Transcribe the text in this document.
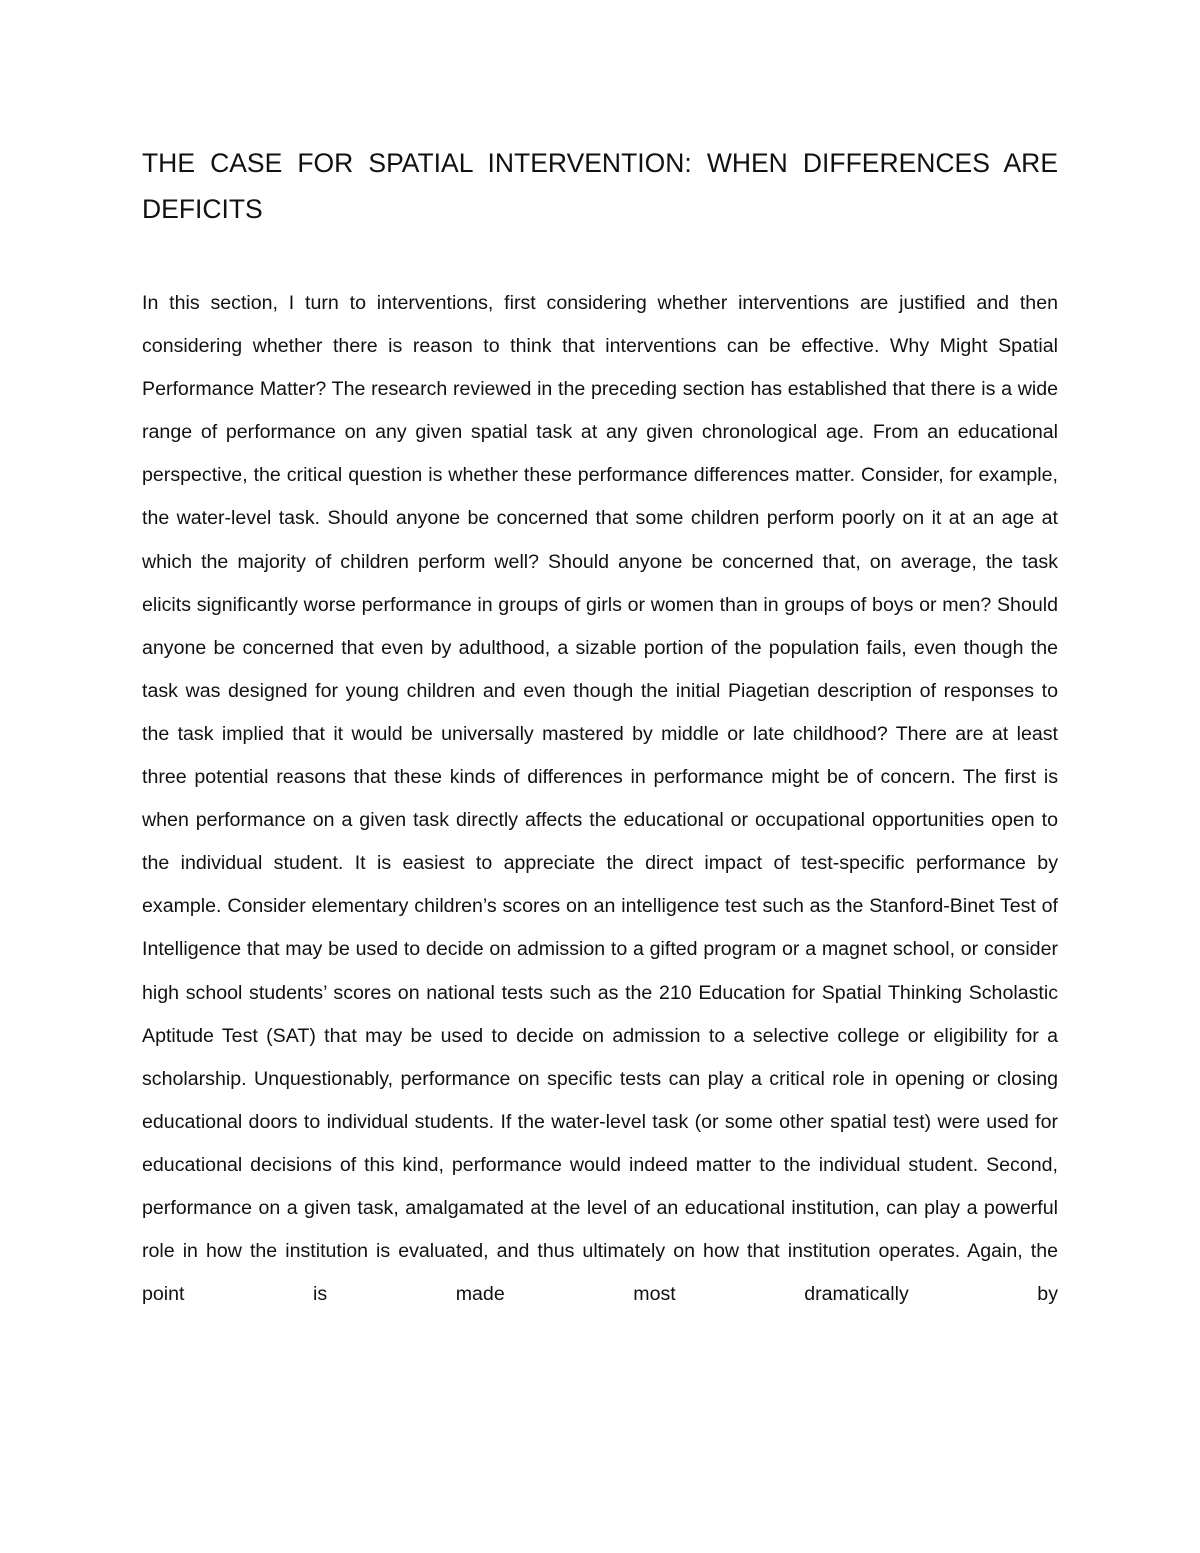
THE CASE FOR SPATIAL INTERVENTION: WHEN DIFFERENCES ARE DEFICITS

In this section, I turn to interventions, first considering whether interventions are justified and then considering whether there is reason to think that interventions can be effective. Why Might Spatial Performance Matter? The research reviewed in the preceding section has established that there is a wide range of performance on any given spatial task at any given chronological age. From an educational perspective, the critical question is whether these performance differences matter. Consider, for example, the water-level task. Should anyone be concerned that some children perform poorly on it at an age at which the majority of children perform well? Should anyone be concerned that, on average, the task elicits significantly worse performance in groups of girls or women than in groups of boys or men? Should anyone be concerned that even by adulthood, a sizable portion of the population fails, even though the task was designed for young children and even though the initial Piagetian description of responses to the task implied that it would be universally mastered by middle or late childhood? There are at least three potential reasons that these kinds of differences in performance might be of concern. The first is when performance on a given task directly affects the educational or occupational opportunities open to the individual student. It is easiest to appreciate the direct impact of test-specific performance by example. Consider elementary children’s scores on an intelligence test such as the Stanford-Binet Test of Intelligence that may be used to decide on admission to a gifted program or a magnet school, or consider high school students’ scores on national tests such as the 210 Education for Spatial Thinking Scholastic Aptitude Test (SAT) that may be used to decide on admission to a selective college or eligibility for a scholarship. Unquestionably, performance on specific tests can play a critical role in opening or closing educational doors to individual students. If the water-level task (or some other spatial test) were used for educational decisions of this kind, performance would indeed matter to the individual student. Second, performance on a given task, amalgamated at the level of an educational institution, can play a powerful role in how the institution is evaluated, and thus ultimately on how that institution operates. Again, the point is made most dramatically by
